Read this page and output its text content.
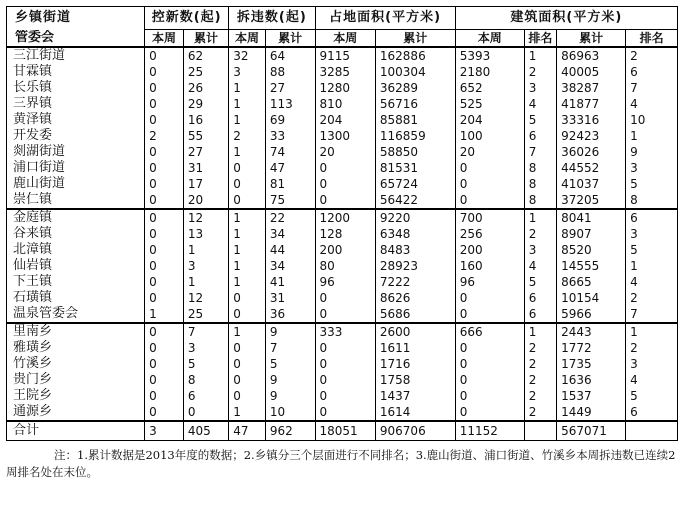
乡镇街道	控新数(起)		拆违数(起)		占地面积(平方米)		建筑面积(平方米)			
管委会	本周	累计	本周	累计	本周	累计	本周	排名	累计	排名
三江街道	0	62	32	64	9115	162886	5393	1	86963	2
甘霖镇	0	25	3	88	3285	100304	2180	2	40005	6
长乐镇	0	26	1	27	1280	36289	652	3	38287	7
三界镇	0	29	1	113	810	56716	525	4	41877	4
黄泽镇	0	16	1	69	204	85881	204	5	33316	10
开发委	2	55	2	33	1300	116859	100	6	92423	1
剡湖街道	0	27	1	74	20	58850	20	7	36026	9
浦口街道	0	31	0	47	0	81531	0	8	44552	3
鹿山街道	0	17	0	81	0	65724	0	8	41037	5
崇仁镇	0	20	0	75	0	56422	0	8	37205	8
金庭镇	0	12	1	22	1200	9220	700	1	8041	6
谷来镇	0	13	1	34	128	6348	256	2	8907	3
北漳镇	0	1	1	44	200	8483	200	3	8520	5
仙岩镇	0	3	1	34	80	28923	160	4	14555	1
下王镇	0	1	1	41	96	7222	96	5	8665	4
石璜镇	0	12	0	31	0	8626	0	6	10154	2
温泉管委会	1	25	0	36	0	5686	0	6	5966	7
里南乡	0	7	1	9	333	2600	666	1	2443	1
雅璜乡	0	3	0	7	0	1611	0	2	1772	2
竹溪乡	0	5	0	5	0	1716	0	2	1735	3
贵门乡	0	8	0	9	0	1758	0	2	1636	4
王院乡	0	6	0	9	0	1437	0	2	1537	5
通源乡	0	0	1	10	0	1614	0	2	1449	6
合计	3	405	47	962	18051	906706	11152		567071	
注：1.累计数据是2013年度的数据；2.乡镇分三个层面进行不同排名；3.鹿山街道、浦口街道、竹溪乡本周拆违数已连续2周排名处在末位。
